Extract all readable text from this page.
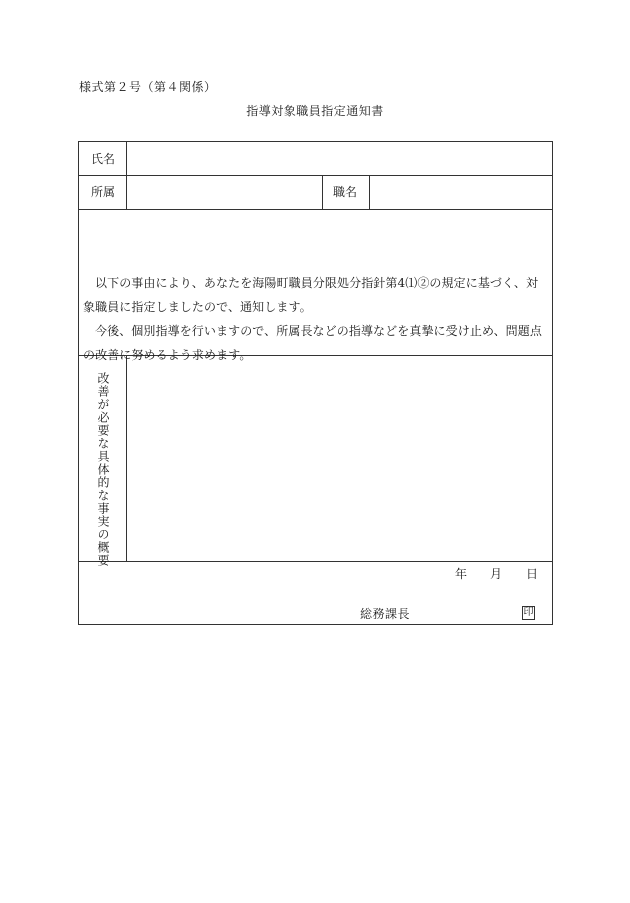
様式第２号（第４関係）
指導対象職員指定通知書
氏名
所属	職名

以下の事由により、あなたを海陽町職員分限処分指針第4⑴②の規定に基づく、対象職員に指定しましたので、通知します。

今後、個別指導を行いますので、所属長などの指導などを真摯に受け止め、問題点の改善に努めるよう求めます。

改善が必要な具体的な事実の概要
年 月 日
総務課長	印
